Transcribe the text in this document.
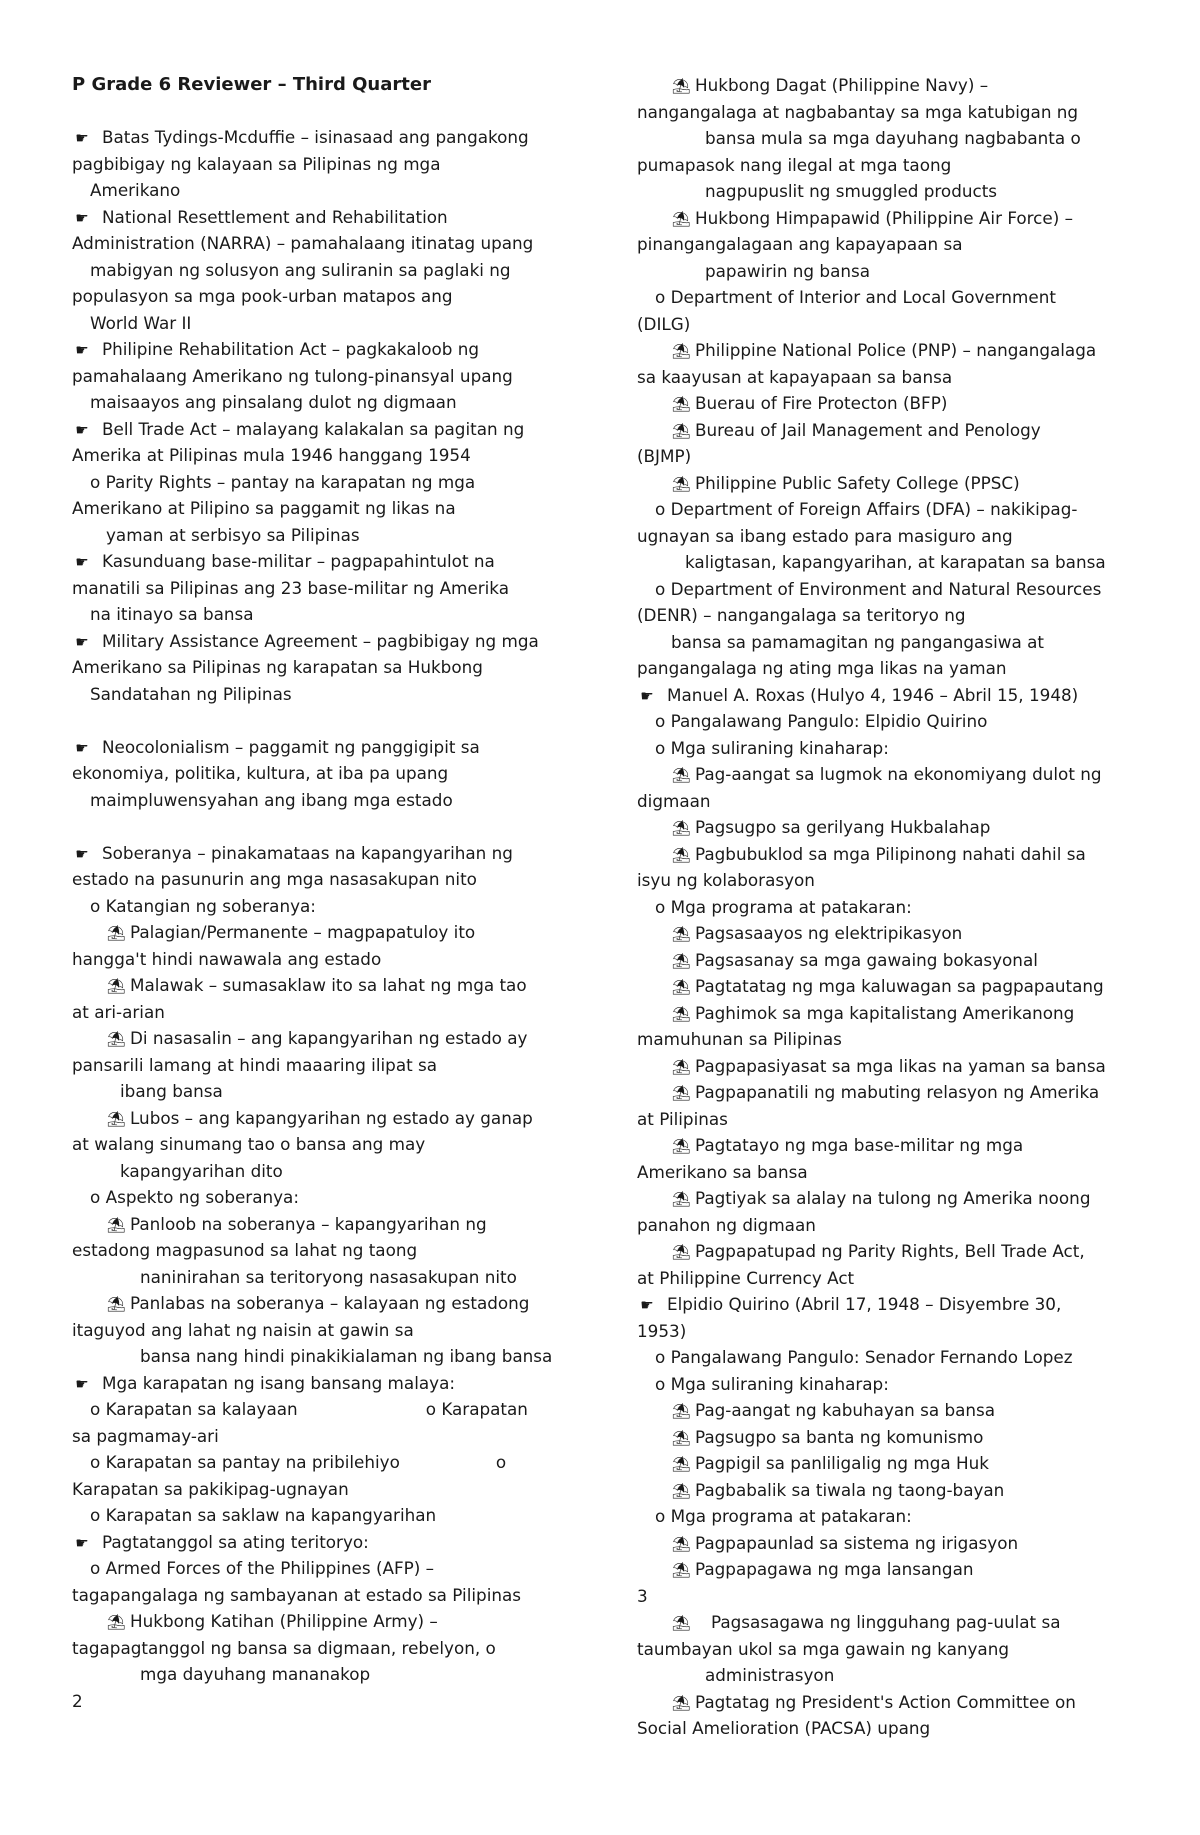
P Grade 6 Reviewer – Third Quarter
☛ Batas Tydings-Mcduffie – isinasaad ang pangakong
pagbibigay ng kalayaan sa Pilipinas ng mga
Amerikano
☛ National Resettlement and Rehabilitation
Administration (NARRA) – pamahalaang itinatag upang
mabigyan ng solusyon ang suliranin sa paglaki ng
populasyon sa mga pook-urban matapos ang
World War II
☛ Philipine Rehabilitation Act – pagkakaloob ng
pamahalaang Amerikano ng tulong-pinansyal upang
maisaayos ang pinsalang dulot ng digmaan
☛ Bell Trade Act – malayang kalakalan sa pagitan ng
Amerika at Pilipinas mula 1946 hanggang 1954
o Parity Rights – pantay na karapatan ng mga
Amerikano at Pilipino sa paggamit ng likas na
yaman at serbisyo sa Pilipinas
☛ Kasunduang base-militar – pagpapahintulot na
manatili sa Pilipinas ang 23 base-militar ng Amerika
na itinayo sa bansa
☛ Military Assistance Agreement – pagbibigay ng mga
Amerikano sa Pilipinas ng karapatan sa Hukbong
Sandatahan ng Pilipinas
☛ Neocolonialism – paggamit ng panggigipit sa
ekonomiya, politika, kultura, at iba pa upang
maimpluwensyahan ang ibang mga estado
☛ Soberanya – pinakamataas na kapangyarihan ng
estado na pasunurin ang mga nasasakupan nito
o Katangian ng soberanya:
⛱ Palagian/Permanente – magpapatuloy ito
hangga't hindi nawawala ang estado
⛱ Malawak – sumasaklaw ito sa lahat ng mga tao
at ari-arian
⛱ Di nasasalin – ang kapangyarihan ng estado ay
pansarili lamang at hindi maaaring ilipat sa
ibang bansa
⛱ Lubos – ang kapangyarihan ng estado ay ganap
at walang sinumang tao o bansa ang may
kapangyarihan dito
o Aspekto ng soberanya:
⛱ Panloob na soberanya – kapangyarihan ng
estadong magpasunod sa lahat ng taong
naninirahan sa teritoryong nasasakupan nito
⛱ Panlabas na soberanya – kalayaan ng estadong
itaguyod ang lahat ng naisin at gawin sa
bansa nang hindi pinakikialaman ng ibang bansa
☛ Mga karapatan ng isang bansang malaya:
o Karapatan sa kalayaan                        o Karapatan
sa pagmamay-ari
o Karapatan sa pantay na pribilehiyo                  o
Karapatan sa pakikipag-ugnayan
o Karapatan sa saklaw na kapangyarihan
☛ Pagtatanggol sa ating teritoryo:
o Armed Forces of the Philippines (AFP) –
tagapangalaga ng sambayanan at estado sa Pilipinas
⛱ Hukbong Katihan (Philippine Army) –
tagapagtanggol ng bansa sa digmaan, rebelyon, o
mga dayuhang mananakop
2
⛱ Hukbong Dagat (Philippine Navy) –
nangangalaga at nagbabantay sa mga katubigan ng
bansa mula sa mga dayuhang nagbabanta o
pumapasok nang ilegal at mga taong
nagpupuslit ng smuggled products
⛱ Hukbong Himpapawid (Philippine Air Force) –
pinangangalagaan ang kapayapaan sa
papawirin ng bansa
o Department of Interior and Local Government
(DILG)
⛱ Philippine National Police (PNP) – nangangalaga
sa kaayusan at kapayapaan sa bansa
⛱ Buerau of Fire Protecton (BFP)
⛱ Bureau of Jail Management and Penology
(BJMP)
⛱ Philippine Public Safety College (PPSC)
o Department of Foreign Affairs (DFA) – nakikipag-
ugnayan sa ibang estado para masiguro ang
kaligtasan, kapangyarihan, at karapatan sa bansa
o Department of Environment and Natural Resources
(DENR) – nangangalaga sa teritoryo ng
bansa sa pamamagitan ng pangangasiwa at
pangangalaga ng ating mga likas na yaman
☛ Manuel A. Roxas (Hulyo 4, 1946 – Abril 15, 1948)
o Pangalawang Pangulo: Elpidio Quirino
o Mga suliraning kinaharap:
⛱ Pag-aangat sa lugmok na ekonomiyang dulot ng
digmaan
⛱ Pagsugpo sa gerilyang Hukbalahap
⛱ Pagbubuklod sa mga Pilipinong nahati dahil sa
isyu ng kolaborasyon
o Mga programa at patakaran:
⛱ Pagsasaayos ng elektripikasyon
⛱ Pagsasanay sa mga gawaing bokasyonal
⛱ Pagtatatag ng mga kaluwagan sa pagpapautang
⛱ Paghimok sa mga kapitalistang Amerikanong
mamuhunan sa Pilipinas
⛱ Pagpapasiyasat sa mga likas na yaman sa bansa
⛱ Pagpapanatili ng mabuting relasyon ng Amerika
at Pilipinas
⛱ Pagtatayo ng mga base-militar ng mga
Amerikano sa bansa
⛱ Pagtiyak sa alalay na tulong ng Amerika noong
panahon ng digmaan
⛱ Pagpapatupad ng Parity Rights, Bell Trade Act,
at Philippine Currency Act
☛ Elpidio Quirino (Abril 17, 1948 – Disyembre 30,
1953)
o Pangalawang Pangulo: Senador Fernando Lopez
o Mga suliraning kinaharap:
⛱ Pag-aangat ng kabuhayan sa bansa
⛱ Pagsugpo sa banta ng komunismo
⛱ Pagpigil sa panliligalig ng mga Huk
⛱ Pagbabalik sa tiwala ng taong-bayan
o Mga programa at patakaran:
⛱ Pagpapaunlad sa sistema ng irigasyon
⛱ Pagpapagawa ng mga lansangan
3
⛱   Pagsasagawa ng lingguhang pag-uulat sa
taumbayan ukol sa mga gawain ng kanyang
administrasyon
⛱ Pagtatag ng President's Action Committee on
Social Amelioration (PACSA) upang
